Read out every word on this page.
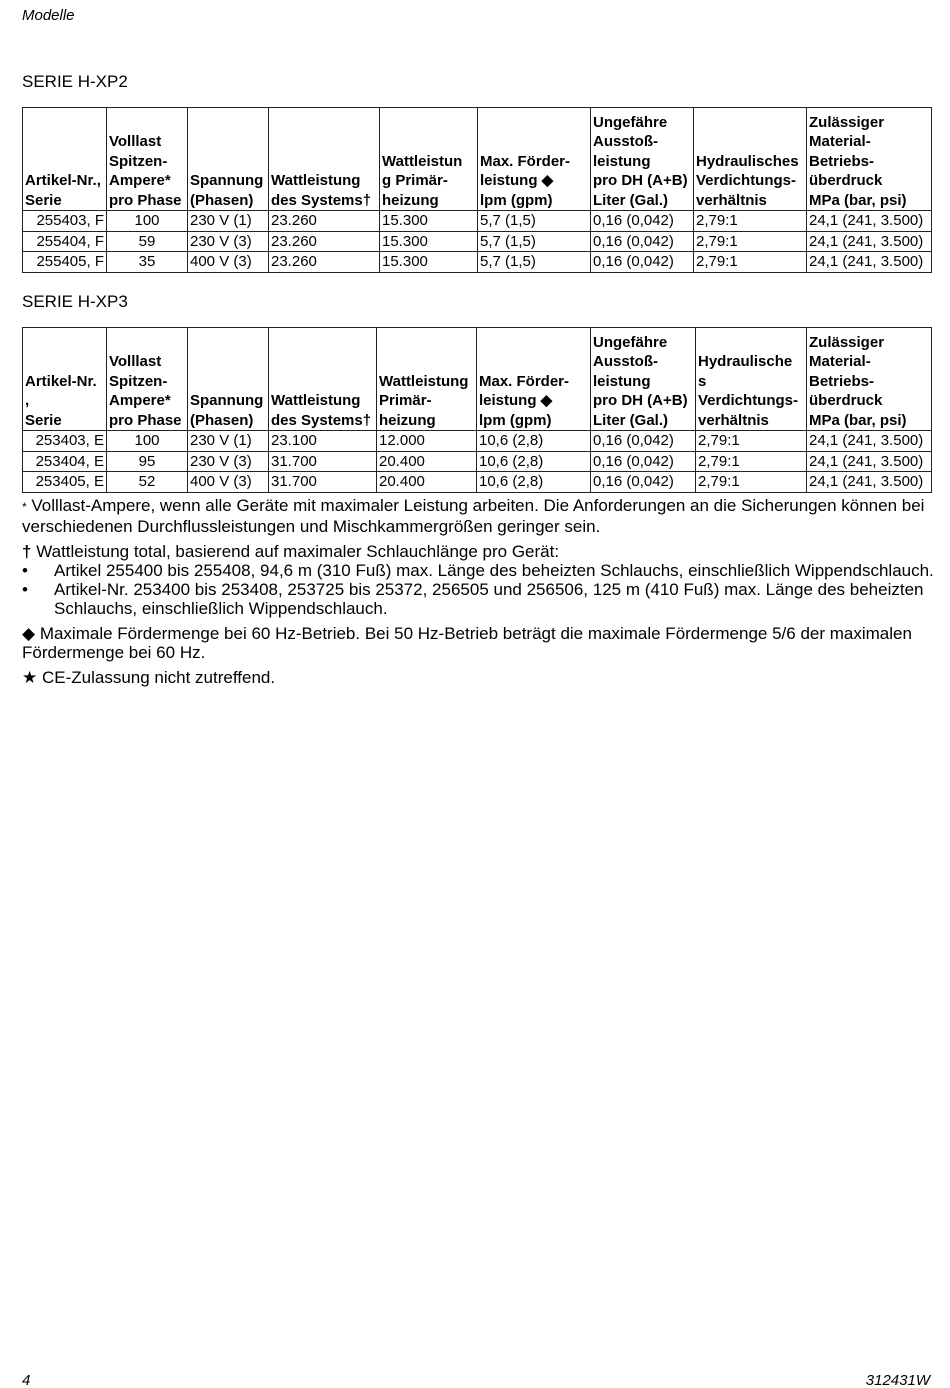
Modelle
SERIE H-XP2
Artikel-Nr.,
Serie	Volllast
Spitzen-
Ampere*
pro Phase	Spannung
(Phasen)	Wattleistung
des Systems†	Wattleistun
g Primär-
heizung	Max. Förder-
leistung ◆
lpm (gpm)	Ungefähre
Ausstoß-
leistung
pro DH (A+B)
Liter (Gal.)	Hydraulisches
Verdichtungs-
verhältnis	Zulässiger
Material-
Betriebs-
überdruck
MPa (bar, psi)
255403, F	100	230 V (1)	23.260	15.300	5,7 (1,5)	0,16 (0,042)	2,79:1	24,1 (241, 3.500)
255404, F	59	230 V (3)	23.260	15.300	5,7 (1,5)	0,16 (0,042)	2,79:1	24,1 (241, 3.500)
255405, F	35	400 V (3)	23.260	15.300	5,7 (1,5)	0,16 (0,042)	2,79:1	24,1 (241, 3.500)
SERIE H-XP3
Artikel-Nr.
,
Serie	Volllast
Spitzen-
Ampere*
pro Phase	Spannung
(Phasen)	Wattleistung
des Systems†	Wattleistung
Primär-
heizung	Max. Förder-
leistung ◆
lpm (gpm)	Ungefähre
Ausstoß-
leistung
pro DH (A+B)
Liter (Gal.)	Hydraulische
s
Verdichtungs-
verhältnis	Zulässiger
Material-
Betriebs-
überdruck
MPa (bar, psi)
253403, E	100	230 V (1)	23.100	12.000	10,6 (2,8)	0,16 (0,042)	2,79:1	24,1 (241, 3.500)
253404, E	95	230 V (3)	31.700	20.400	10,6 (2,8)	0,16 (0,042)	2,79:1	24,1 (241, 3.500)
253405, E	52	400 V (3)	31.700	20.400	10,6 (2,8)	0,16 (0,042)	2,79:1	24,1 (241, 3.500)

* Volllast-Ampere, wenn alle Geräte mit maximaler Leistung arbeiten. Die Anforderungen an die Sicherungen können bei verschiedenen Durchflussleistungen und Mischkammergrößen geringer sein.

† Wattleistung total, basierend auf maximaler Schlauchlänge pro Gerät:
•	Artikel 255400 bis 255408, 94,6 m (310 Fuß) max. Länge des beheizten Schlauchs, einschließlich Wippendschlauch.
•	Artikel-Nr. 253400 bis 253408, 253725 bis 25372, 256505 und 256506, 125 m (410 Fuß) max. Länge des beheizten Schlauchs, einschließlich Wippendschlauch.

◆ Maximale Fördermenge bei 60 Hz-Betrieb. Bei 50 Hz-Betrieb beträgt die maximale Fördermenge 5/6 der maximalen Fördermenge bei 60 Hz.

★ CE-Zulassung nicht zutreffend.

4	312431W
